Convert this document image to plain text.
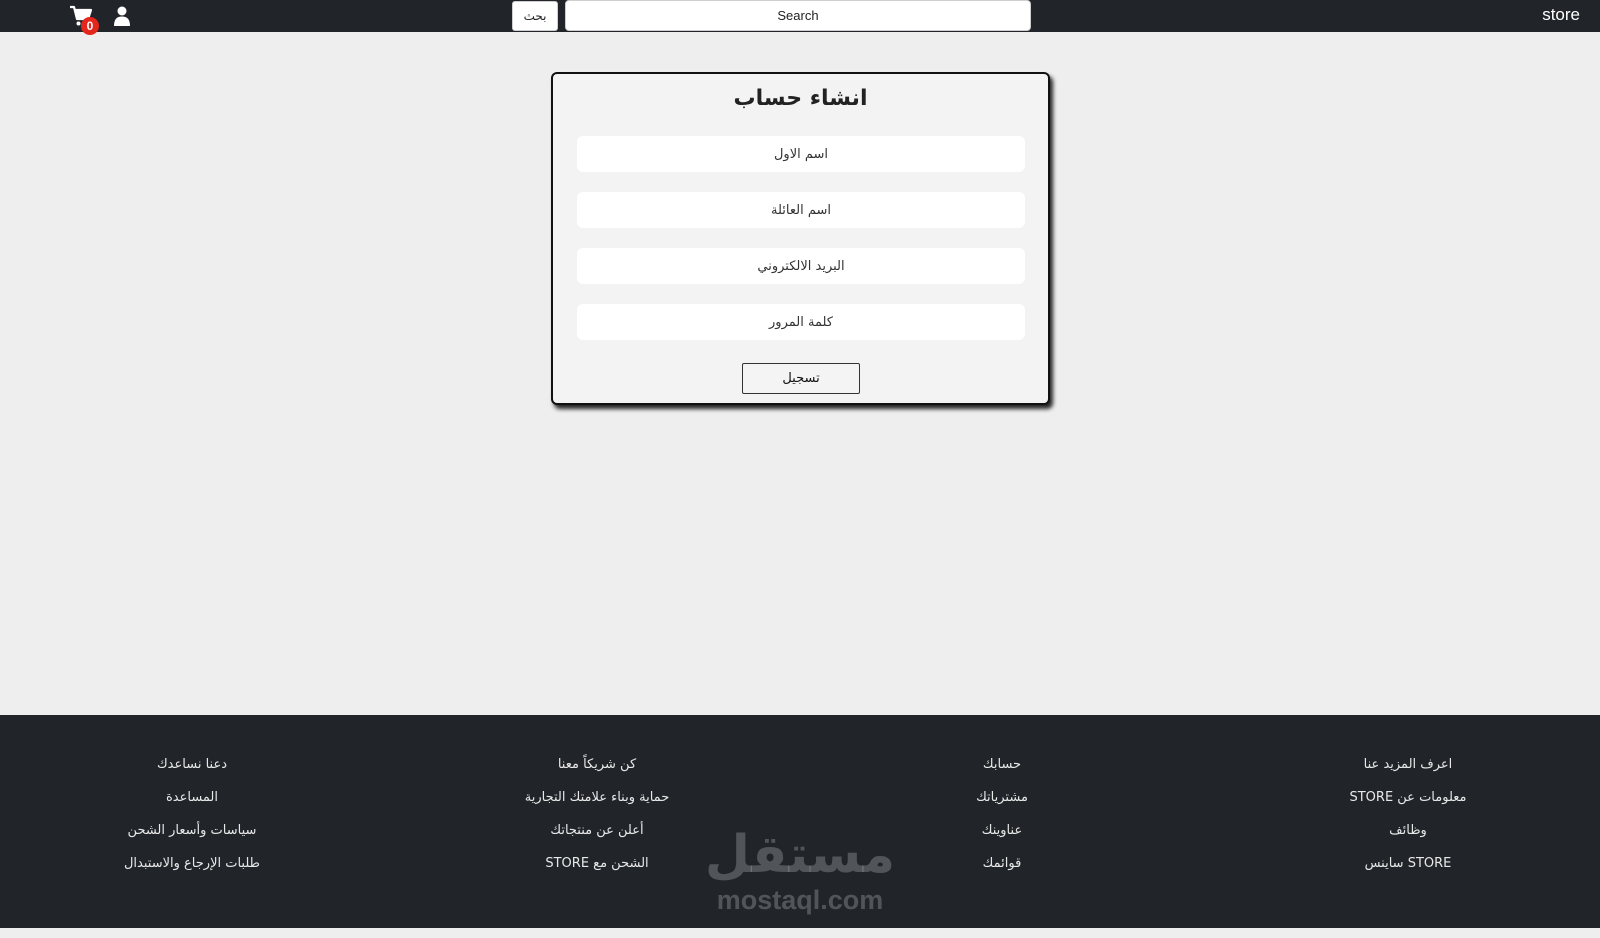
store
Search
بحث
0
انشاء حساب
اسم الاول
اسم العائلة
البريد الالكتروني
كلمة المرور
تسجيل
اعرف المزيد عنا
معلومات عن STORE
وظائف
STORE ساينس
حسابك
مشترياتك
عناوينك
قوائمك
كن شريكاً معنا
حماية وبناء علامتك التجارية
أعلن عن منتجاتك
الشحن مع STORE
دعنا نساعدك
المساعدة
سياسات وأسعار الشحن
طلبات الإرجاع والاستبدال	مستقل
mostaql.com
